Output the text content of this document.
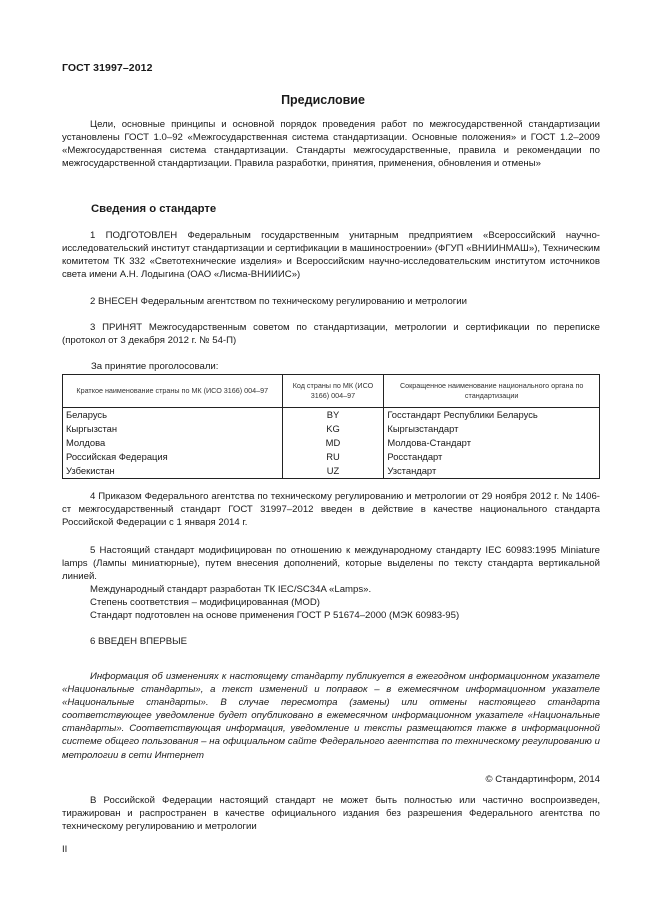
ГОСТ 31997–2012
Предисловие

Цели, основные принципы и основной порядок проведения работ по межгосударственной стандартизации установлены ГОСТ 1.0–92 «Межгосударственная система стандартизации. Основные положения» и ГОСТ 1.2–2009 «Межгосударственная система стандартизации. Стандарты межгосударственные, правила и рекомендации по межгосударственной стандартизации. Правила разработки, принятия, применения, обновления и отмены»

Сведения о стандарте

1 ПОДГОТОВЛЕН Федеральным государственным унитарным предприятием «Всероссийский научно-исследовательский институт стандартизации и сертификации в машиностроении» (ФГУП «ВНИИНМАШ»), Техническим комитетом ТК 332 «Светотехнические изделия» и Всероссийским научно-исследовательским институтом источников света имени А.Н. Лодыгина (ОАО «Лисма-ВНИИИС»)

2 ВНЕСЕН Федеральным агентством по техническому регулированию и метрологии

3 ПРИНЯТ Межгосударственным советом по стандартизации, метрологии и сертификации по переписке (протокол от 3 декабря 2012 г. № 54-П)

За принятие проголосовали:

Краткое наименование страны по МК (ИСО 3166) 004–97	Код страны по МК (ИСО 3166) 004–97	Сокращенное наименование национального органа по стандартизации
Беларусь	BY	Госстандарт Республики Беларусь
Кыргызстан	KG	Кыргызстандарт
Молдова	MD	Молдова-Стандарт
Российская Федерация	RU	Росстандарт
Узбекистан	UZ	Узстандарт

4 Приказом Федерального агентства по техническому регулированию и метрологии от 29 ноября 2012 г. № 1406-ст межгосударственный стандарт ГОСТ 31997–2012 введен в действие в качестве национального стандарта Российской Федерации с 1 января 2014 г.

5 Настоящий стандарт модифицирован по отношению к международному стандарту IEC 60983:1995 Miniature lamps (Лампы миниатюрные), путем внесения дополнений, которые выделены по тексту стандарта вертикальной линией.

Международный стандарт разработан ТК IEC/SC34A «Lamps».

Степень соответствия – модифицированная (MOD)

Стандарт подготовлен на основе применения ГОСТ Р 51674–2000 (МЭК 60983-95)

6 ВВЕДЕН ВПЕРВЫЕ

Информация об изменениях к настоящему стандарту публикуется в ежегодном информационном указателе «Национальные стандарты», а текст изменений и поправок – в ежемесячном информационном указателе «Национальные стандарты». В случае пересмотра (замены) или отмены настоящего стандарта соответствующее уведомление будет опубликовано в ежемесячном информационном указателе «Национальные стандарты». Соответствующая информация, уведомление и тексты размещаются также в информационной системе общего пользования – на официальном сайте Федерального агентства по техническому регулированию и метрологии в сети Интернет

© Стандартинформ, 2014

В Российской Федерации настоящий стандарт не может быть полностью или частично воспроизведен, тиражирован и распространен в качестве официального издания без разрешения Федерального агентства по техническому регулированию и метрологии

II
